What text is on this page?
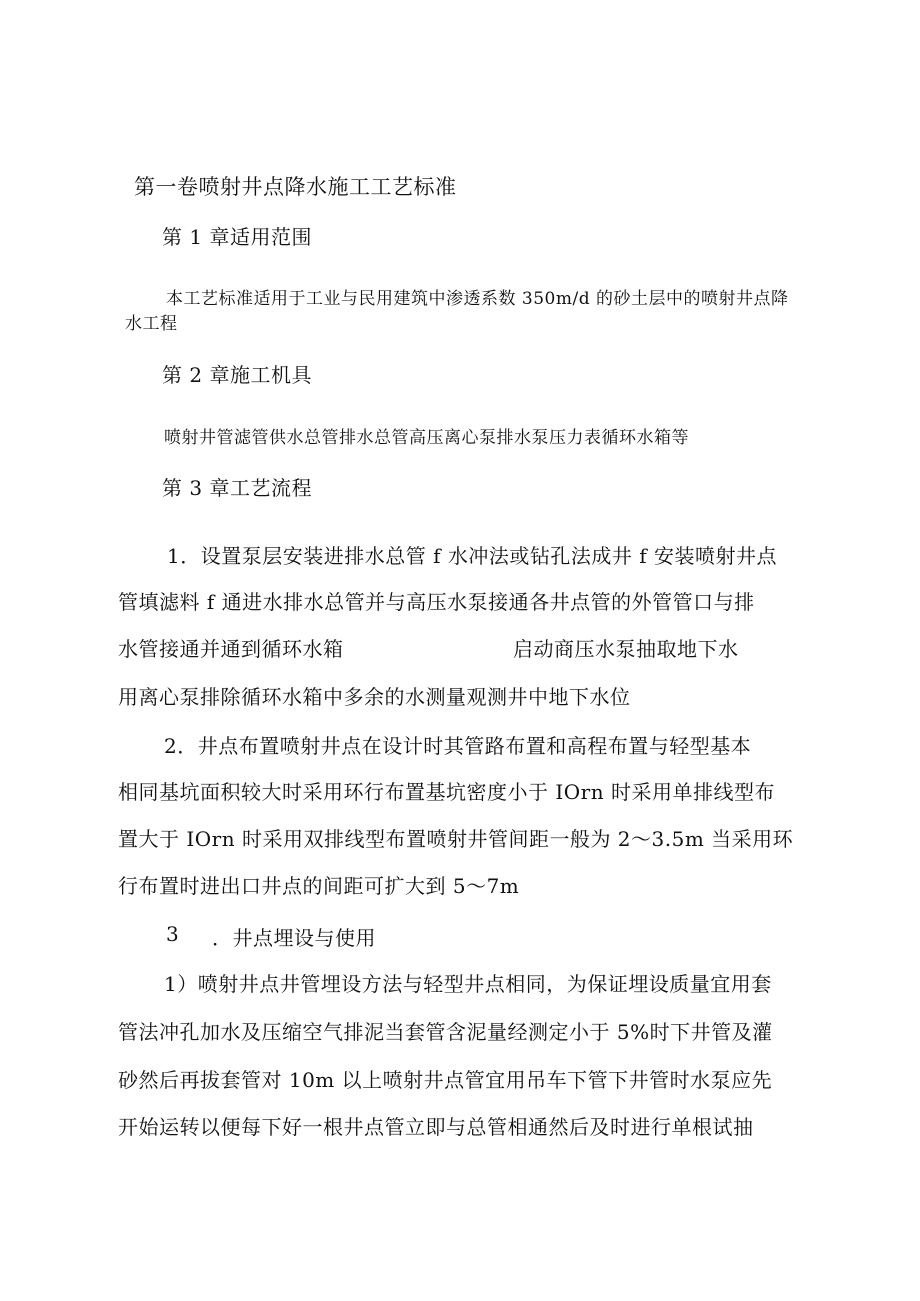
第一卷喷射井点降水施工工艺标准
第 1 章适用范围
本工艺标准适用于工业与民用建筑中渗透系数 350m/d 的砂土层中的喷射井点降
水工程
第 2 章施工机具
喷射井管滤管供水总管排水总管高压离心泵排水泵压力表循环水箱等
第 3 章工艺流程
1．设置泵层安装进排水总管 f 水冲法或钻孔法成井 f 安装喷射井点
管填滤料 f 通进水排水总管并与高压水泵接通各井点管的外管管口与排
水管接通并通到循环水箱	启动商压水泵抽取地下水
用离心泵排除循环水箱中多余的水测量观测井中地下水位
2．井点布置喷射井点在设计时其管路布置和高程布置与轻型基本
相同基坑面积较大时采用环行布置基坑密度小于 IOrn 时采用单排线型布
置大于 IOrn 时采用双排线型布置喷射井管间距一般为 2～3.5m 当采用环
行布置时进出口井点的间距可扩大到 5～7m
3 ．井点埋设与使用
1）喷射井点井管埋设方法与轻型井点相同，为保证埋设质量宜用套
管法冲孔加水及压缩空气排泥当套管含泥量经测定小于 5%时下井管及灌
砂然后再拔套管对 10m 以上喷射井点管宜用吊车下管下井管时水泵应先
开始运转以便每下好一根井点管立即与总管相通然后及时进行单根试抽
